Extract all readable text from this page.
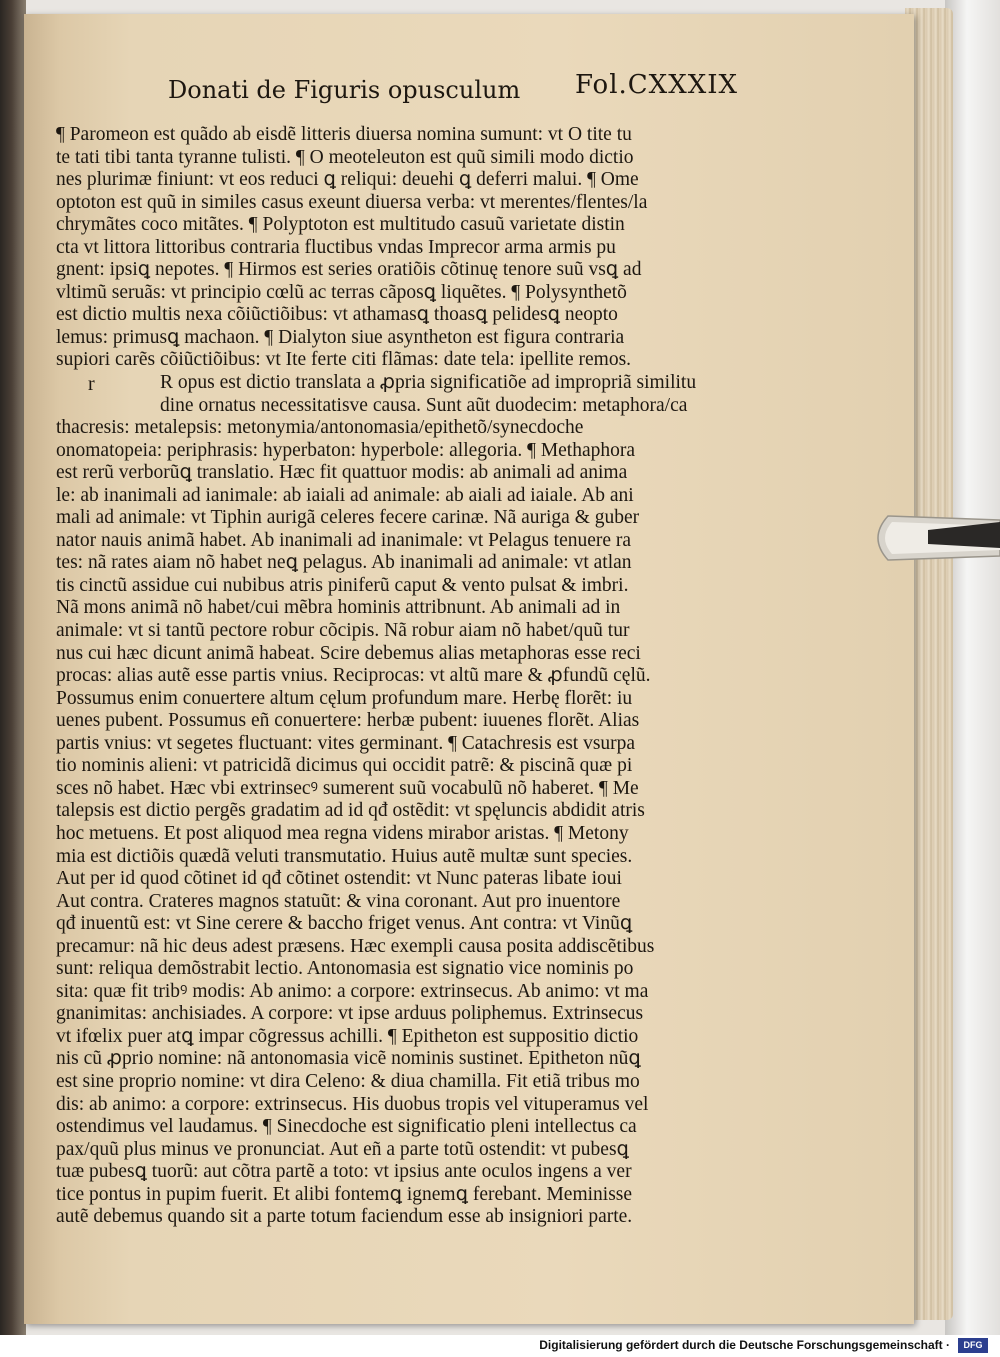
Donati de Figuris opusculum Fol.CXXXIX
r
¶ Paromeon est quãdo ab eisdẽ litteris diuersa nomina sumunt: vt O tite tu
te tati tibi tanta tyranne tulisti. ¶ O meoteleuton est quũ simili modo dictio
nes plurimæ finiunt: vt eos reduci ꝗ reliqui: deuehi ꝗ deferri malui. ¶ Ome
optoton est quũ in similes casus exeunt diuersa verba: vt merentes/flentes/la
chrymãtes coco mitãtes. ¶ Polyptoton est multitudo casuũ varietate distin
cta vt littora littoribus contraria fluctibus vndas Imprecor arma armis pu
gnent: ipsiꝗ nepotes. ¶ Hirmos est series oratiõis cõtinuę tenore suũ vsꝗ ad
vltimũ seruãs: vt principio cœlũ ac terras cãposꝗ liquẽtes. ¶ Polysynthetõ
est dictio multis nexa cõiũctiõibus: vt athamasꝗ thoasꝗ pelidesꝗ neopto
lemus: primusꝗ machaon. ¶ Dialyton siue asyntheton est figura contraria
supiori carẽs cõiũctiõibus: vt Ite ferte citi flãmas: date tela: ipellite remos.
R opus est dictio translata a ꝓpria significatiõe ad impropriã similitu
dine ornatus necessitatisve causa. Sunt aũt duodecim: metaphora/ca
thacresis: metalepsis: metonymia/antonomasia/epithetõ/synecdoche
onomatopeia: periphrasis: hyperbaton: hyperbole: allegoria. ¶ Methaphora
est rerũ verborũꝗ translatio. Hæc fit quattuor modis: ab animali ad anima
le: ab inanimali ad ianimale: ab iaiali ad animale: ab aiali ad iaiale. Ab ani
mali ad animale: vt Tiphin aurigã celeres fecere carinæ. Nã auriga & guber
nator nauis animã habet. Ab inanimali ad inanimale: vt Pelagus tenuere ra
tes: nã rates aiam nõ habet neꝗ pelagus. Ab inanimali ad animale: vt atlan
tis cinctũ assidue cui nubibus atris piniferũ caput & vento pulsat & imbri.
Nã mons animã nõ habet/cui mẽbra hominis attribnunt. Ab animali ad in
animale: vt si tantũ pectore robur cõcipis. Nã robur aiam nõ habet/quũ tur
nus cui hæc dicunt animã habeat. Scire debemus alias metaphoras esse reci
procas: alias autẽ esse partis vnius. Reciprocas: vt altũ mare & ꝓfundũ cęlũ.
Possumus enim conuertere altum cęlum profundum mare. Herbę florẽt: iu
uenes pubent. Possumus eñ conuertere: herbæ pubent: iuuenes florẽt. Alias
partis vnius: vt segetes fluctuant: vites germinant. ¶ Catachresis est vsurpa
tio nominis alieni: vt patricidã dicimus qui occidit patrẽ: & piscinã quæ pi
sces nõ habet. Hæc vbi extrinsecꝰ sumerent suũ vocabulũ nõ haberet. ¶ Me
talepsis est dictio pergẽs gradatim ad id qđ ostẽdit: vt spęluncis abdidit atris
hoc metuens. Et post aliquod mea regna videns mirabor aristas. ¶ Metony
mia est dictiõis quædã veluti transmutatio. Huius autẽ multæ sunt species.
Aut per id quod cõtinet id qđ cõtinet ostendit: vt Nunc pateras libate ioui
Aut contra. Crateres magnos statuũt: & vina coronant. Aut pro inuentore
qđ inuentũ est: vt Sine cerere & baccho friget venus. Ant contra: vt Vinũꝗ
precamur: nã hic deus adest præsens. Hæc exempli causa posita addiscẽtibus
sunt: reliqua demõstrabit lectio. Antonomasia est signatio vice nominis po
sita: quæ fit tribꝰ modis: Ab animo: a corpore: extrinsecus. Ab animo: vt ma
gnanimitas: anchisiades. A corpore: vt ipse arduus poliphemus. Extrinsecus
vt ifœlix puer atꝗ impar cõgressus achilli. ¶ Epitheton est suppositio dictio
nis cũ ꝓprio nomine: nã antonomasia vicẽ nominis sustinet. Epitheton nũꝗ
est sine proprio nomine: vt dira Celeno: & diua chamilla. Fit etiã tribus mo
dis: ab animo: a corpore: extrinsecus. His duobus tropis vel vituperamus vel
ostendimus vel laudamus. ¶ Sinecdoche est significatio pleni intellectus ca
pax/quũ plus minus ve pronunciat. Aut eñ a parte totũ ostendit: vt pubesꝗ
tuæ pubesꝗ tuorũ: aut cõtra partẽ a toto: vt ipsius ante oculos ingens a ver
tice pontus in pupim fuerit. Et alibi fontemꝗ ignemꝗ ferebant. Meminisse
autẽ debemus quando sit a parte totum faciendum esse ab insigniori parte.
Digitalisierung gefördert durch die Deutsche Forschungsgemeinschaft ·	DFG
